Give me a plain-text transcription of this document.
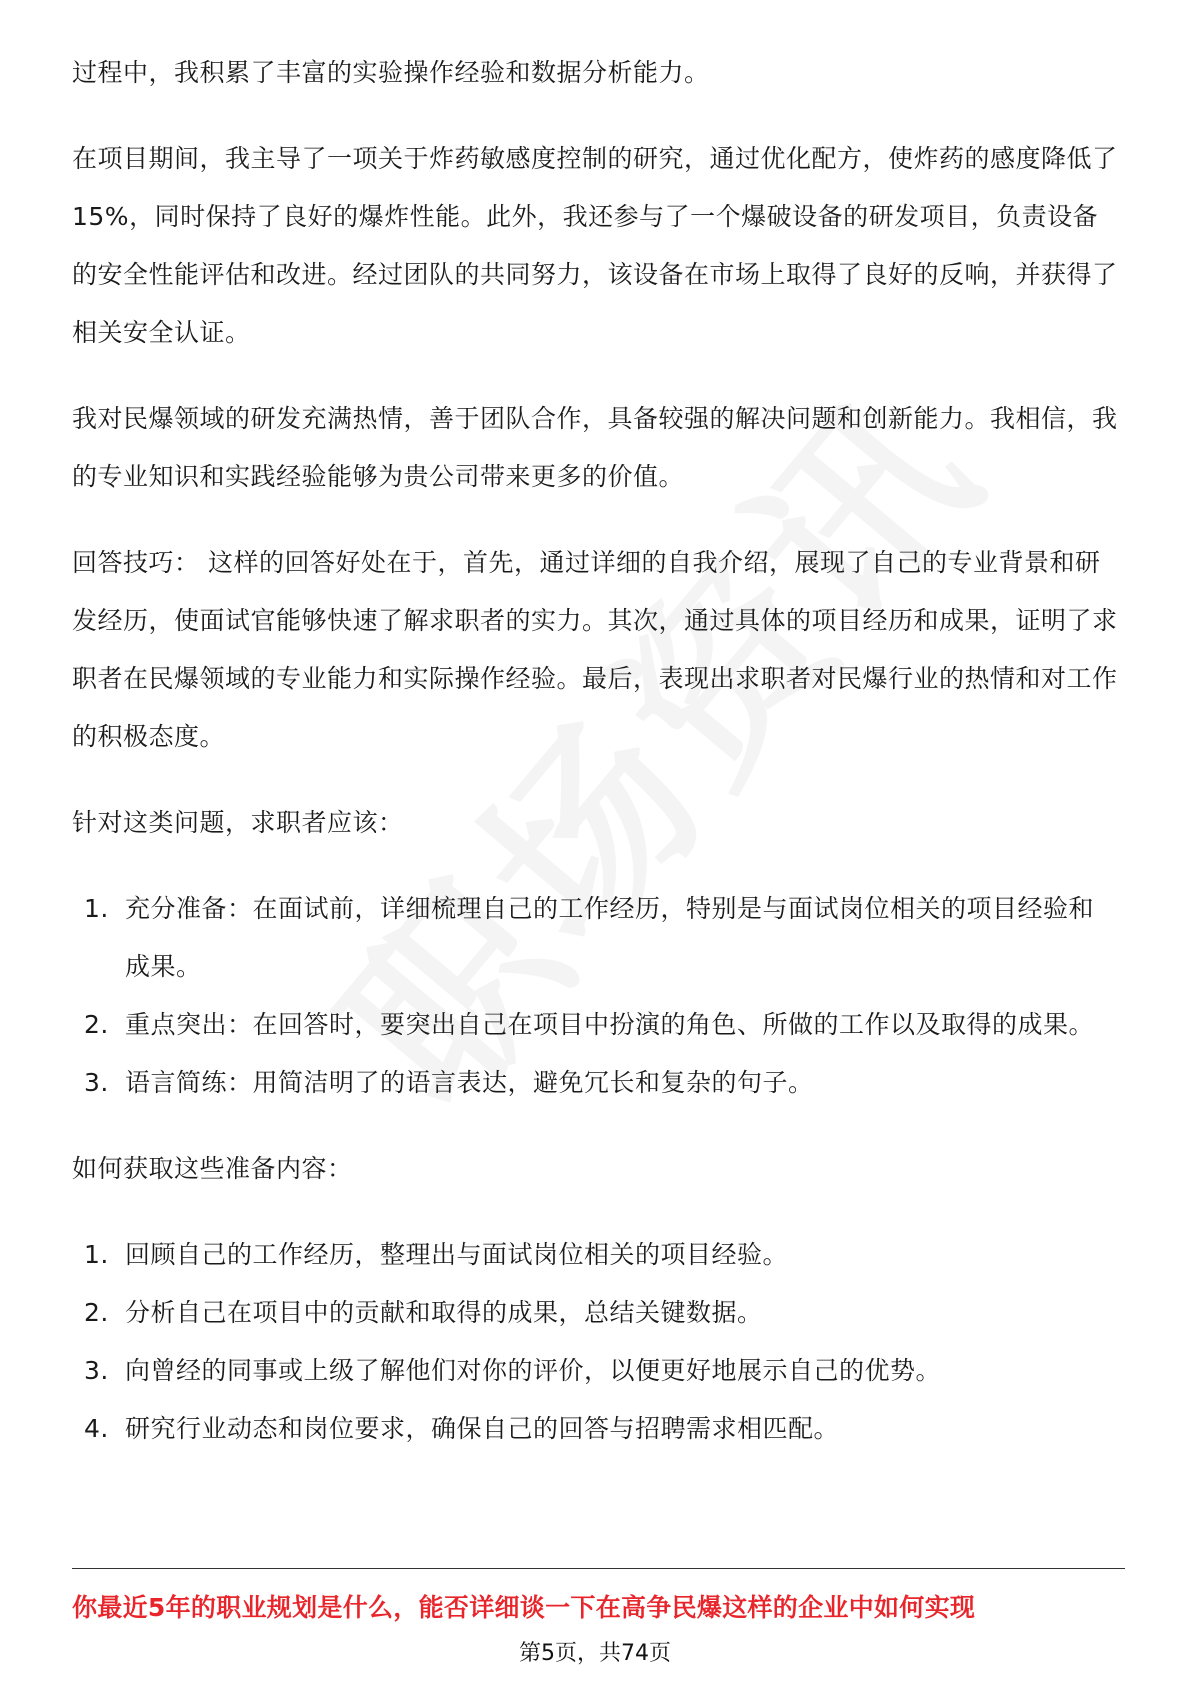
过程中，我积累了丰富的实验操作经验和数据分析能力。

在项目期间，我主导了一项关于炸药敏感度控制的研究，通过优化配方，使炸药的感度降低了15%，同时保持了良好的爆炸性能。此外，我还参与了一个爆破设备的研发项目，负责设备的安全性能评估和改进。经过团队的共同努力，该设备在市场上取得了良好的反响，并获得了相关安全认证。

我对民爆领域的研发充满热情，善于团队合作，具备较强的解决问题和创新能力。我相信，我的专业知识和实践经验能够为贵公司带来更多的价值。

回答技巧： 这样的回答好处在于，首先，通过详细的自我介绍，展现了自己的专业背景和研发经历，使面试官能够快速了解求职者的实力。其次，通过具体的项目经历和成果，证明了求职者在民爆领域的专业能力和实际操作经验。最后，表现出求职者对民爆行业的热情和对工作的积极态度。

针对这类问题，求职者应该：

1. 充分准备：在面试前，详细梳理自己的工作经历，特别是与面试岗位相关的项目经验和成果。
2. 重点突出：在回答时，要突出自己在项目中扮演的角色、所做的工作以及取得的成果。
3. 语言简练：用简洁明了的语言表达，避免冗长和复杂的句子。

如何获取这些准备内容：

1. 回顾自己的工作经历，整理出与面试岗位相关的项目经验。
2. 分析自己在项目中的贡献和取得的成果，总结关键数据。
3. 向曾经的同事或上级了解他们对你的评价，以便更好地展示自己的优势。
4. 研究行业动态和岗位要求，确保自己的回答与招聘需求相匹配。
你最近5年的职业规划是什么，能否详细谈一下在高争民爆这样的企业中如何实现
第5页，共74页
